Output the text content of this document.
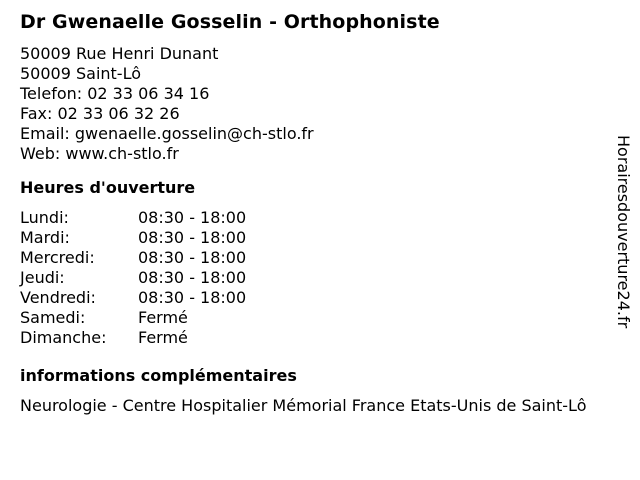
Dr Gwenaelle Gosselin - Orthophoniste
50009 Rue Henri Dunant
50009 Saint-Lô
Telefon: 02 33 06 34 16
Fax: 02 33 06 32 26
Email: gwenaelle.gosselin@ch-stlo.fr
Web: www.ch-stlo.fr
Heures d'ouverture
Lundi:	08:30 - 18:00
Mardi:	08:30 - 18:00
Mercredi:	08:30 - 18:00
Jeudi:	08:30 - 18:00
Vendredi:	08:30 - 18:00
Samedi:	Fermé
Dimanche:	Fermé
informations complémentaires
Neurologie - Centre Hospitalier Mémorial France Etats-Unis de Saint-Lô
Horairesdouverture24.fr
